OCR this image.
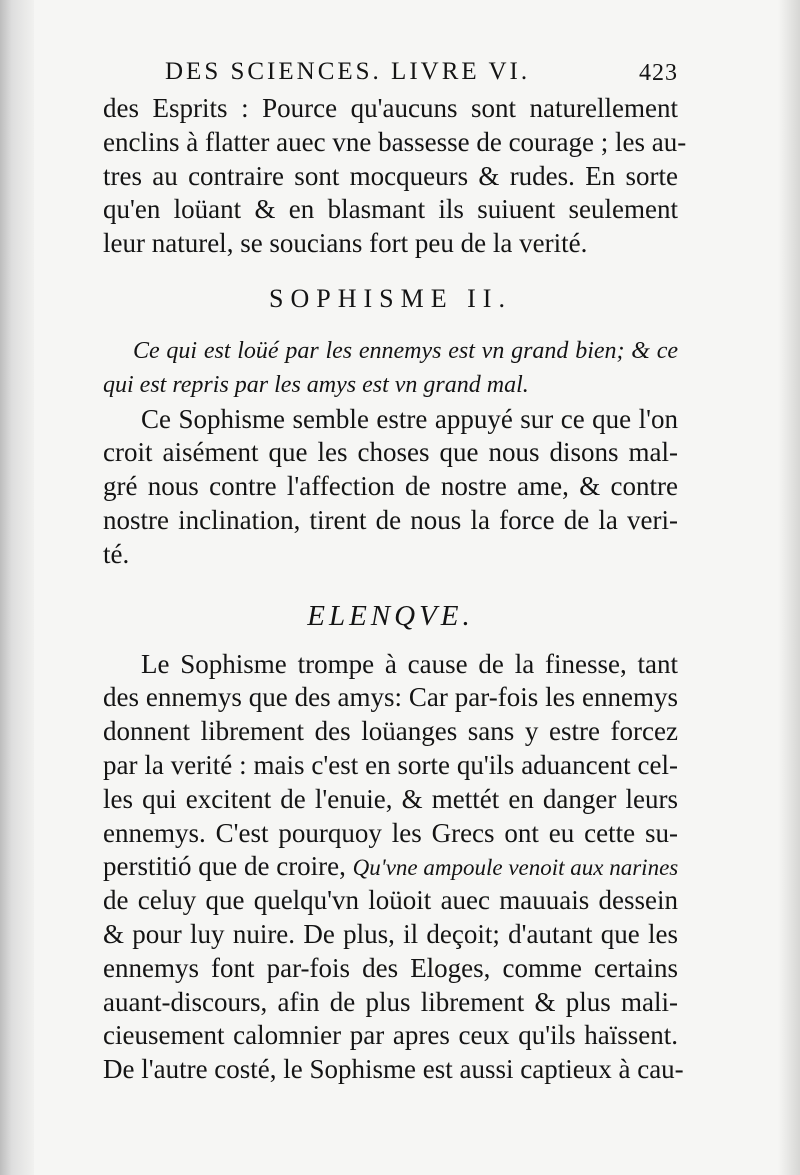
DES SCIENCES. LIVRE VI.	423
des Esprits : Pource qu'aucuns sont naturellement
enclins à flatter auec vne bassesse de courage ; les au-
tres au contraire sont mocqueurs & rudes. En sorte
qu'en loüant & en blasmant ils suiuent seulement
leur naturel, se soucians fort peu de la verité.
SOPHISME II.
Ce qui est loüé par les ennemys est vn grand bien; & ce
qui est repris par les amys est vn grand mal.
Ce Sophisme semble estre appuyé sur ce que l'on
croit aisément que les choses que nous disons mal-
gré nous contre l'affection de nostre ame, & contre
nostre inclination, tirent de nous la force de la veri-
té.
ELENQVE.
Le Sophisme trompe à cause de la finesse, tant
des ennemys que des amys: Car par-fois les ennemys
donnent librement des loüanges sans y estre forcez
par la verité : mais c'est en sorte qu'ils aduancent cel-
les qui excitent de l'enuie, & mettét en danger leurs
ennemys. C'est pourquoy les Grecs ont eu cette su-
perstitió que de croire, Qu'vne ampoule venoit aux narines
de celuy que quelqu'vn loüoit auec mauuais dessein
& pour luy nuire. De plus, il deçoit; d'autant que les
ennemys font par-fois des Eloges, comme certains
auant-discours, afin de plus librement & plus mali-
cieusement calomnier par apres ceux qu'ils haïssent.
De l'autre costé, le Sophisme est aussi captieux à cau-
